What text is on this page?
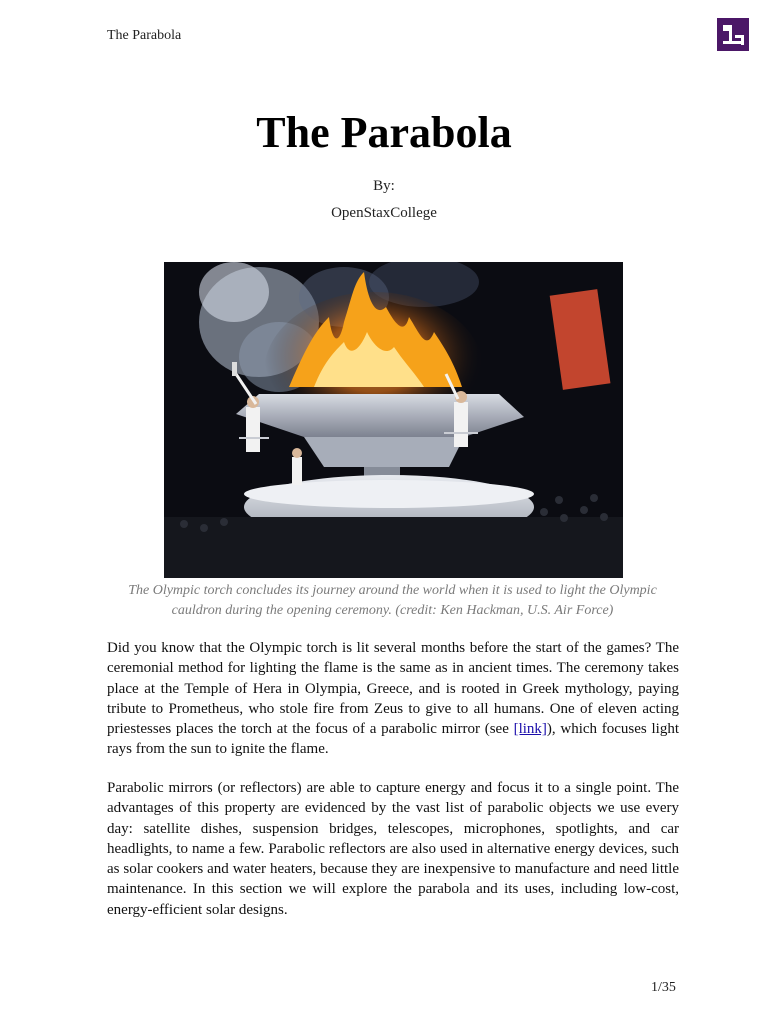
The Parabola
The Parabola
By:
OpenStaxCollege
The Olympic torch concludes its journey around the world when it is used to light the Olympic cauldron during the opening ceremony. (credit: Ken Hackman, U.S. Air Force)

Did you know that the Olympic torch is lit several months before the start of the games? The ceremonial method for lighting the flame is the same as in ancient times. The ceremony takes place at the Temple of Hera in Olympia, Greece, and is rooted in Greek mythology, paying tribute to Prometheus, who stole fire from Zeus to give to all humans. One of eleven acting priestesses places the torch at the focus of a parabolic mirror (see [link]), which focuses light rays from the sun to ignite the flame.

Parabolic mirrors (or reflectors) are able to capture energy and focus it to a single point. The advantages of this property are evidenced by the vast list of parabolic objects we use every day: satellite dishes, suspension bridges, telescopes, microphones, spotlights, and car headlights, to name a few. Parabolic reflectors are also used in alternative energy devices, such as solar cookers and water heaters, because they are inexpensive to manufacture and need little maintenance. In this section we will explore the parabola and its uses, including low-cost, energy-efficient solar designs.

1/35
